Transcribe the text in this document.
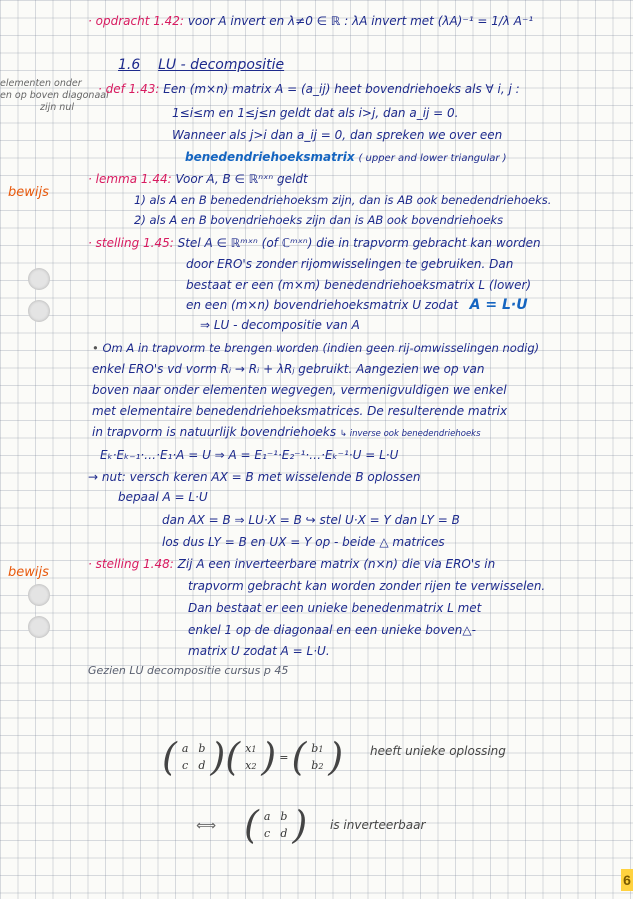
elementen onder
en op boven diagonaal
zijn nul
· opdracht 1.42: voor A invert en λ≠0 ∈ ℝ : λA invert met (λA)⁻¹ = 1/λ A⁻¹
1.6 LU - decompositie
· def 1.43: Een (m×n) matrix A = (a_ij) heet bovendriehoeks als ∀ i, j :
1≤i≤m en 1≤j≤n geldt dat als i>j, dan a_ij = 0.
Wanneer als j>i dan a_ij = 0, dan spreken we over een
benedendriehoeksmatrix ( upper and lower triangular )
· lemma 1.44: Voor A, B ∈ ℝⁿˣⁿ geldt
bewijs	1) als A en B benedendriehoeksm zijn, dan is AB ook benedendriehoeks.
2) als A en B bovendriehoeks zijn dan is AB ook bovendriehoeks
· stelling 1.45: Stel A ∈ ℝᵐˣⁿ (of ℂᵐˣⁿ) die in trapvorm gebracht kan worden
door ERO's zonder rijomwisselingen te gebruiken. Dan
bestaat er een (m×m) benedendriehoeksmatrix L (lower)
en een (m×n) bovendriehoeksmatrix U zodat A = L·U
⇒ LU - decompositie van A
• Om A in trapvorm te brengen worden (indien geen rij-omwisselingen nodig)
enkel ERO's vd vorm Rᵢ → Rᵢ + λRⱼ gebruikt. Aangezien we op van
boven naar onder elementen wegvegen, vermenigvuldigen we enkel
met elementaire benedendriehoeksmatrices. De resulterende matrix
in trapvorm is natuurlijk bovendriehoeks ↳ inverse ook benedendriehoeks
Eₖ·Eₖ₋₁·…·E₁·A = U ⇒ A = E₁⁻¹·E₂⁻¹·…·Eₖ⁻¹·U = L·U
→ nut: versch keren AX = B met wisselende B oplossen
bepaal A = L·U
dan AX = B ⇒ LU·X = B ↪ stel U·X = Y dan LY = B
los dus LY = B en UX = Y op - beide △ matrices
· stelling 1.48: Zij A een inverteerbare matrix (n×n) die via ERO's in
bewijs
trapvorm gebracht kan worden zonder rijen te verwisselen.
Dan bestaat er een unieke benedenmatrix L met
enkel 1 op de diagonaal en een unieke boven△-
matrix U zodat A = L·U.
Gezien LU decompositie cursus p 45
( a
c
b
d ) ( x1
x2 ) = ( b1
b2 ) heeft unieke oplossing
⟺ ( a
c
b
d ) is inverteerbaar
6
